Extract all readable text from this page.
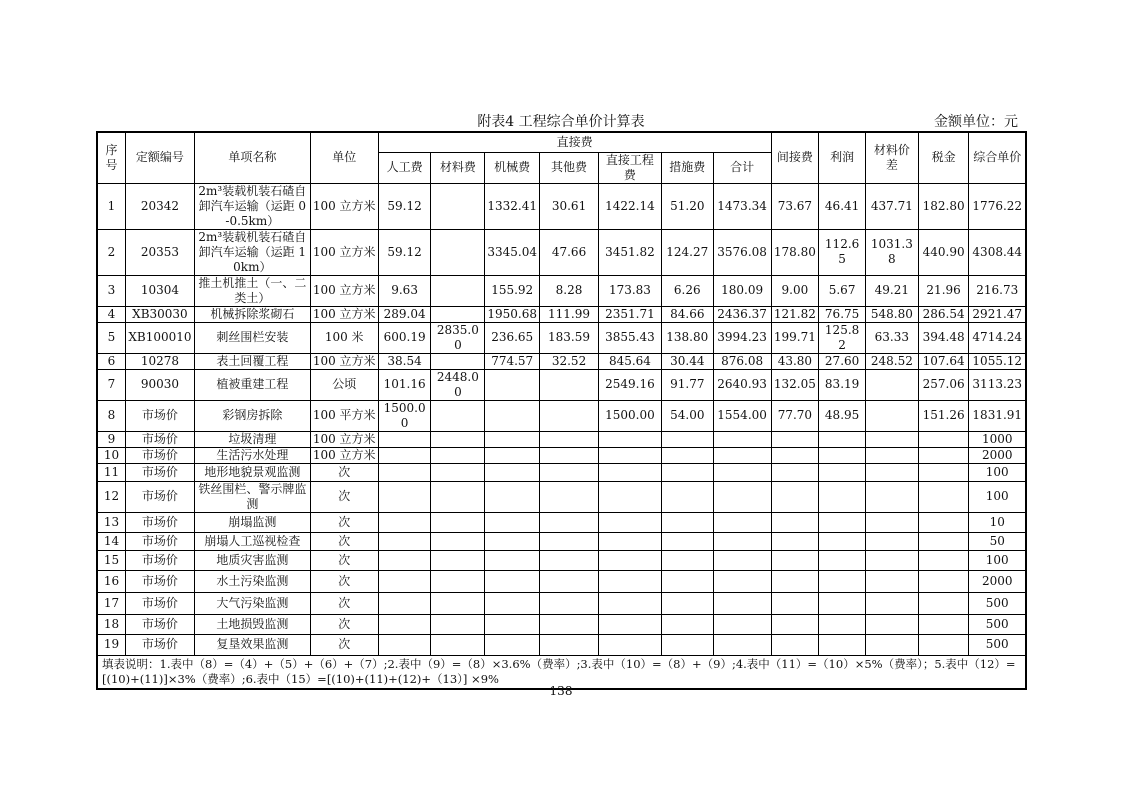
附表4 工程综合单价计算表	金额单位：元
序号	定额编号	单项名称	单位	直接费							间接费	利润	材料价差	税金	综合单价
				人工费	材料费	机械费	其他费	直接工程费	措施费	合计					
1	20342	2m³装载机装石碴自卸汽车运输（运距 0-0.5km）	100 立方米	59.12		1332.41	30.61	1422.14	51.20	1473.34	73.67	46.41	437.71	182.80	1776.22
2	20353	2m³装载机装石碴自卸汽车运输（运距 10km）	100 立方米	59.12		3345.04	47.66	3451.82	124.27	3576.08	178.80	112.65	1031.38	440.90	4308.44
3	10304	推土机推土（一、二类土）	100 立方米	9.63		155.92	8.28	173.83	6.26	180.09	9.00	5.67	49.21	21.96	216.73
4	XB30030	机械拆除浆砌石	100 立方米	289.04		1950.68	111.99	2351.71	84.66	2436.37	121.82	76.75	548.80	286.54	2921.47
5	XB100010	刺丝围栏安装	100 米	600.19	2835.00	236.65	183.59	3855.43	138.80	3994.23	199.71	125.82	63.33	394.48	4714.24
6	10278	表土回覆工程	100 立方米	38.54		774.57	32.52	845.64	30.44	876.08	43.80	27.60	248.52	107.64	1055.12
7	90030	植被重建工程	公顷	101.16	2448.00			2549.16	91.77	2640.93	132.05	83.19		257.06	3113.23
8	市场价	彩钢房拆除	100 平方米	1500.00				1500.00	54.00	1554.00	77.70	48.95		151.26	1831.91
9	市场价	垃圾清理	100 立方米												1000
10	市场价	生活污水处理	100 立方米												2000
11	市场价	地形地貌景观监测	次												100
12	市场价	铁丝围栏、警示牌监测	次												100
13	市场价	崩塌监测	次												10
14	市场价	崩塌人工巡视检查	次												50
15	市场价	地质灾害监测	次												100
16	市场价	水土污染监测	次												2000
17	市场价	大气污染监测	次												500
18	市场价	土地损毁监测	次												500
19	市场价	复垦效果监测	次												500
填表说明：1.表中（8）=（4）+（5）+（6）+（7）;2.表中（9）=（8）×3.6%（费率）;3.表中（10）=（8）+（9）;4.表中（11）=（10）×5%（费率）；5.表中（12）=[(10)+(11)]×3%（费率）;6.表中（15）=[(10)+(11)+(12)+（13）] ×9%															
138
